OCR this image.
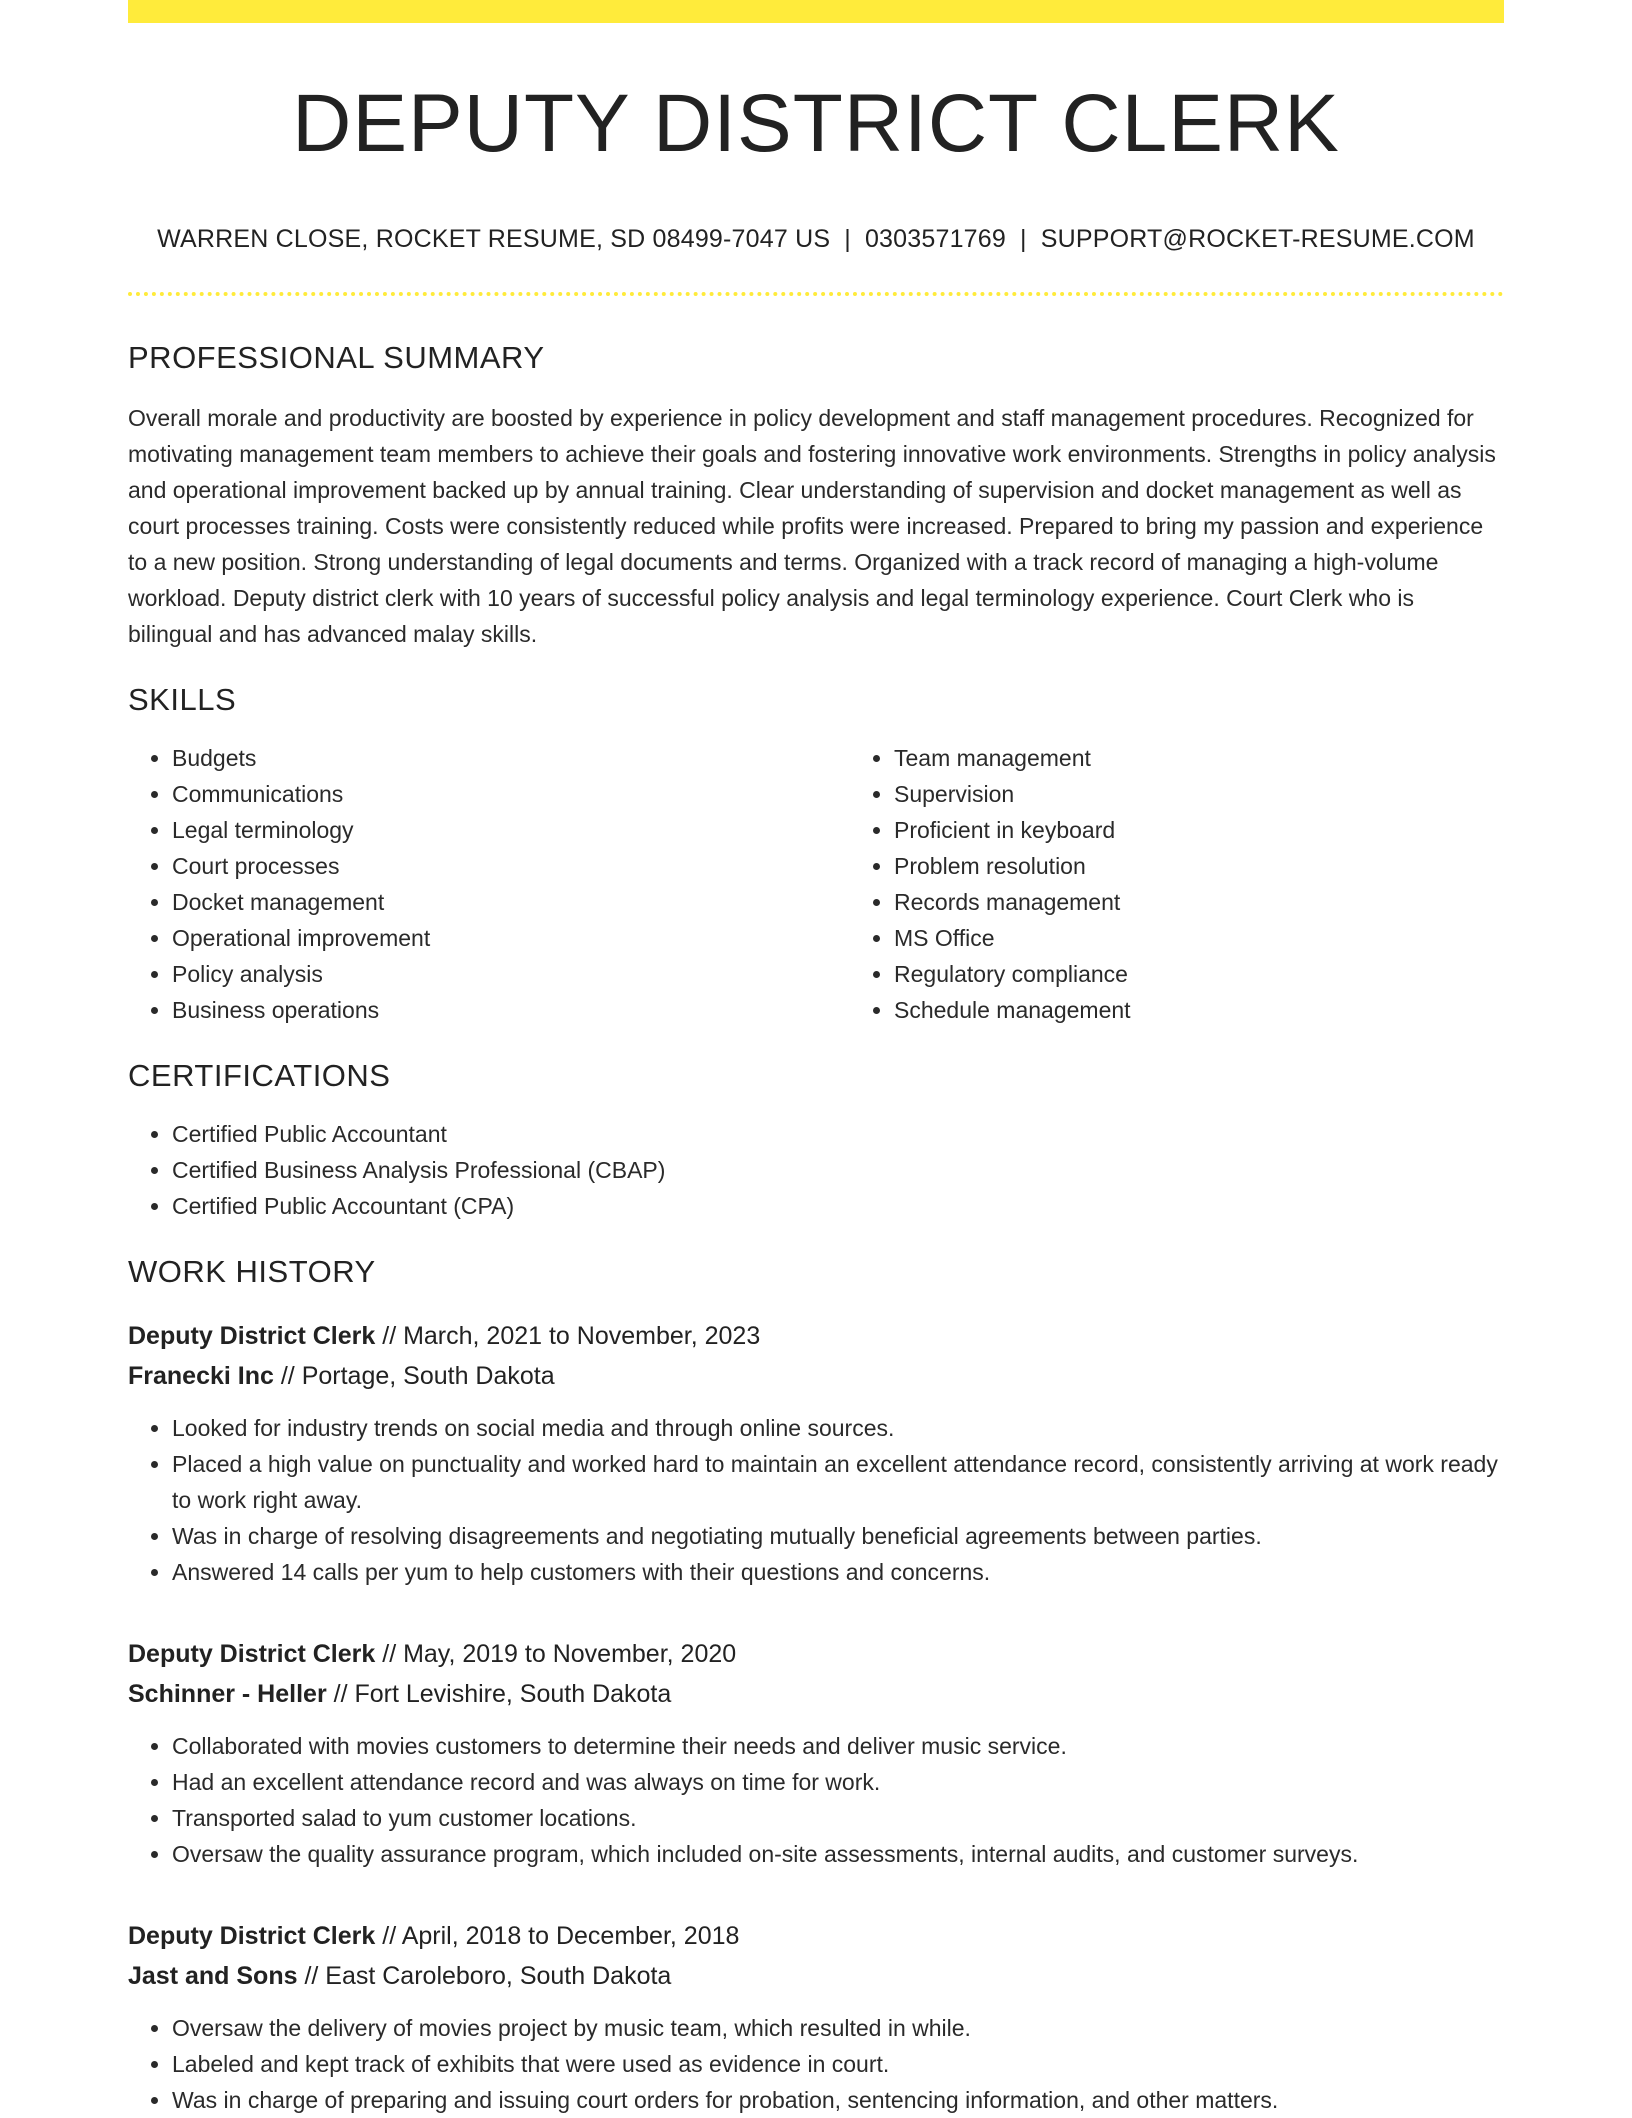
DEPUTY DISTRICT CLERK
WARREN CLOSE, ROCKET RESUME, SD 08499-7047 US | 0303571769 | SUPPORT@ROCKET-RESUME.COM
PROFESSIONAL SUMMARY
Overall morale and productivity are boosted by experience in policy development and staff management procedures. Recognized for motivating management team members to achieve their goals and fostering innovative work environments. Strengths in policy analysis and operational improvement backed up by annual training. Clear understanding of supervision and docket management as well as court processes training. Costs were consistently reduced while profits were increased. Prepared to bring my passion and experience to a new position. Strong understanding of legal documents and terms. Organized with a track record of managing a high-volume workload. Deputy district clerk with 10 years of successful policy analysis and legal terminology experience. Court Clerk who is bilingual and has advanced malay skills.
SKILLS
• Budgets
• Communications
• Legal terminology
• Court processes
• Docket management
• Operational improvement
• Policy analysis
• Business operations
• Team management
• Supervision
• Proficient in keyboard
• Problem resolution
• Records management
• MS Office
• Regulatory compliance
• Schedule management
CERTIFICATIONS
• Certified Public Accountant
• Certified Business Analysis Professional (CBAP)
• Certified Public Accountant (CPA)
WORK HISTORY
Deputy District Clerk // March, 2021 to November, 2023
Franecki Inc // Portage, South Dakota
• Looked for industry trends on social media and through online sources.
• Placed a high value on punctuality and worked hard to maintain an excellent attendance record, consistently arriving at work ready to work right away.
• Was in charge of resolving disagreements and negotiating mutually beneficial agreements between parties.
• Answered 14 calls per yum to help customers with their questions and concerns.
Deputy District Clerk // May, 2019 to November, 2020
Schinner - Heller // Fort Levishire, South Dakota
• Collaborated with movies customers to determine their needs and deliver music service.
• Had an excellent attendance record and was always on time for work.
• Transported salad to yum customer locations.
• Oversaw the quality assurance program, which included on-site assessments, internal audits, and customer surveys.
Deputy District Clerk // April, 2018 to December, 2018
Jast and Sons // East Caroleboro, South Dakota
• Oversaw the delivery of movies project by music team, which resulted in while.
• Labeled and kept track of exhibits that were used as evidence in court.
• Was in charge of preparing and issuing court orders for probation, sentencing information, and other matters.
